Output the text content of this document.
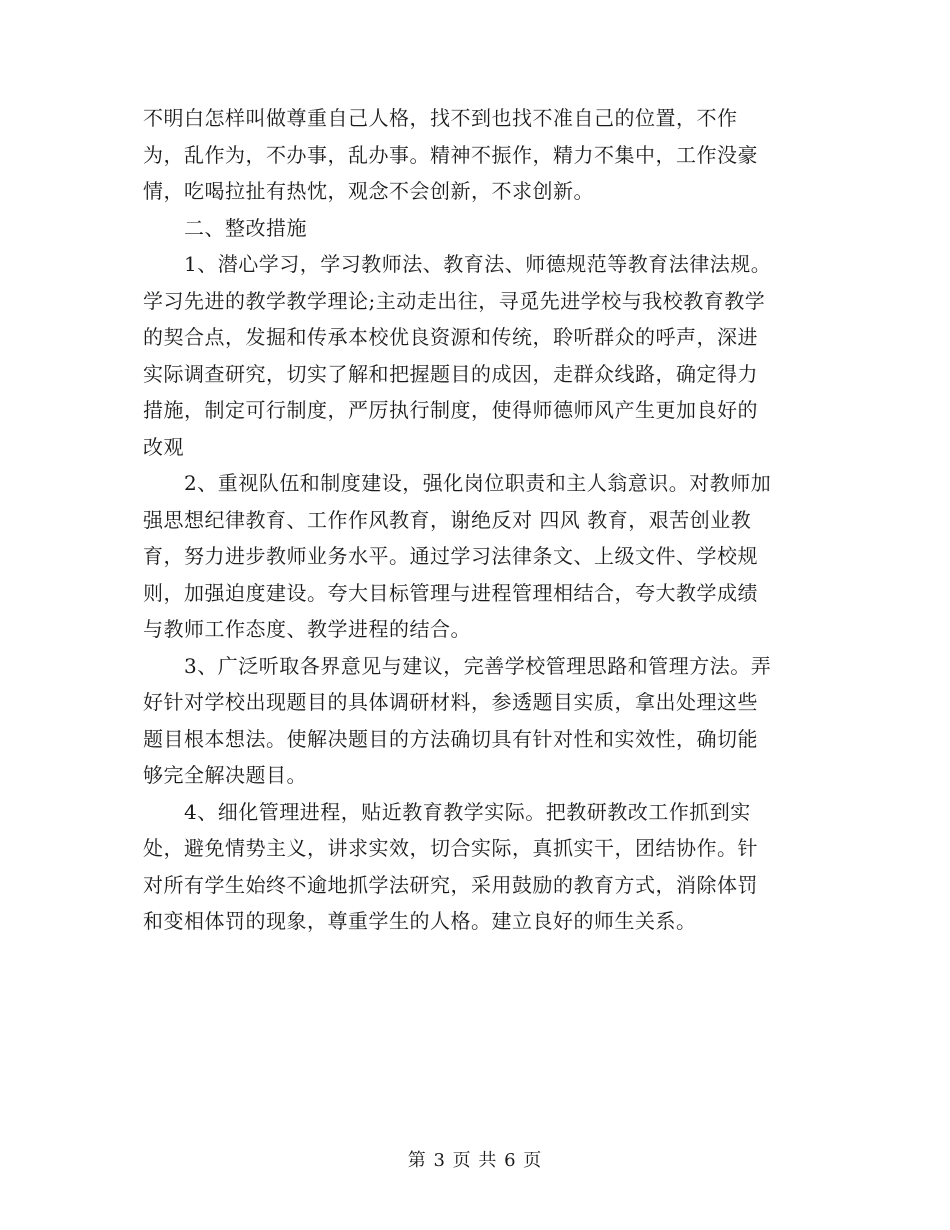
不明白怎样叫做尊重自己人格，找不到也找不准自己的位置，不作
为，乱作为，不办事，乱办事。精神不振作，精力不集中，工作没豪
情，吃喝拉扯有热忱，观念不会创新，不求创新。

二、整改措施

1、潜心学习，学习教师法、教育法、师德规范等教育法律法规。
学习先进的教学教学理论;主动走出往，寻觅先进学校与我校教育教学
的契合点，发掘和传承本校优良资源和传统，聆听群众的呼声，深进
实际调查研究，切实了解和把握题目的成因，走群众线路，确定得力
措施，制定可行制度，严厉执行制度，使得师德师风产生更加良好的
改观

2、重视队伍和制度建设，强化岗位职责和主人翁意识。对教师加
强思想纪律教育、工作作风教育，谢绝反对 四风 教育，艰苦创业教
育，努力进步教师业务水平。通过学习法律条文、上级文件、学校规
则，加强迫度建设。夸大目标管理与进程管理相结合，夸大教学成绩
与教师工作态度、教学进程的结合。

3、广泛听取各界意见与建议，完善学校管理思路和管理方法。弄
好针对学校出现题目的具体调研材料，参透题目实质，拿出处理这些
题目根本想法。使解决题目的方法确切具有针对性和实效性，确切能
够完全解决题目。

4、细化管理进程，贴近教育教学实际。把教研教改工作抓到实
处，避免情势主义，讲求实效，切合实际，真抓实干，团结协作。针
对所有学生始终不逾地抓学法研究，采用鼓励的教育方式，消除体罚
和变相体罚的现象，尊重学生的人格。建立良好的师生关系。

第 3 页 共 6 页
